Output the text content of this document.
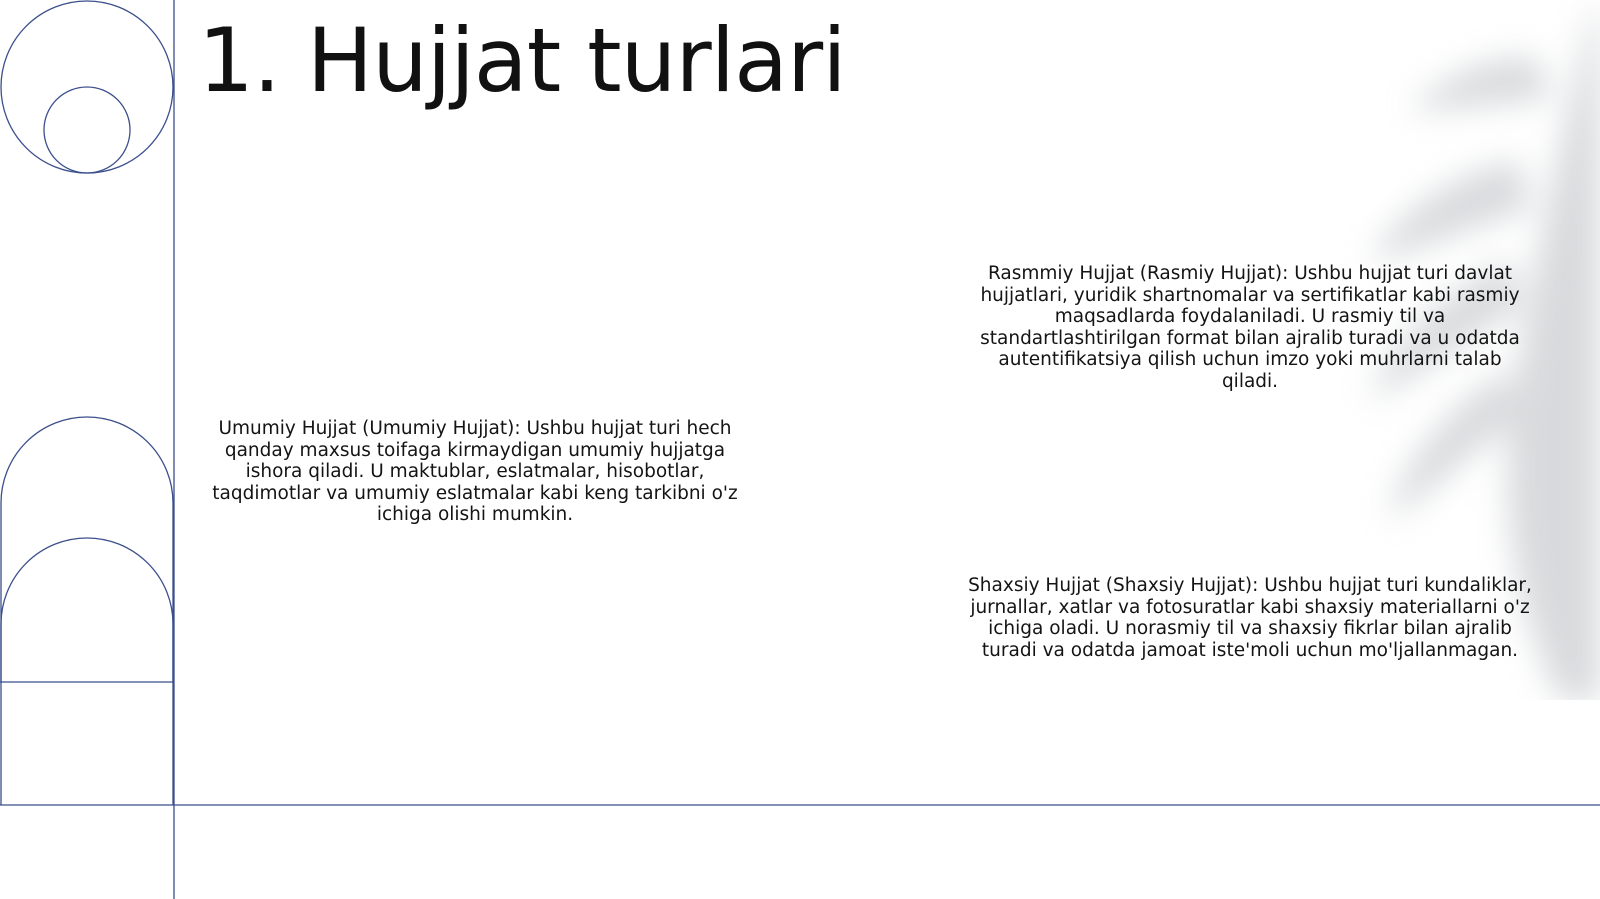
1. Hujjat turlari

Umumiy Hujjat (Umumiy Hujjat): Ushbu hujjat turi hech qanday maxsus toifaga kirmaydigan umumiy hujjatga ishora qiladi. U maktublar, eslatmalar, hisobotlar, taqdimotlar va umumiy eslatmalar kabi keng tarkibni o'z ichiga olishi mumkin.

Rasmmiy Hujjat (Rasmiy Hujjat): Ushbu hujjat turi davlat hujjatlari, yuridik shartnomalar va sertifikatlar kabi rasmiy maqsadlarda foydalaniladi. U rasmiy til va standartlashtirilgan format bilan ajralib turadi va u odatda autentifikatsiya qilish uchun imzo yoki muhrlarni talab qiladi.

Shaxsiy Hujjat (Shaxsiy Hujjat): Ushbu hujjat turi kundaliklar, jurnallar, xatlar va fotosuratlar kabi shaxsiy materiallarni o'z ichiga oladi. U norasmiy til va shaxsiy fikrlar bilan ajralib turadi va odatda jamoat iste'moli uchun mo'ljallanmagan.
